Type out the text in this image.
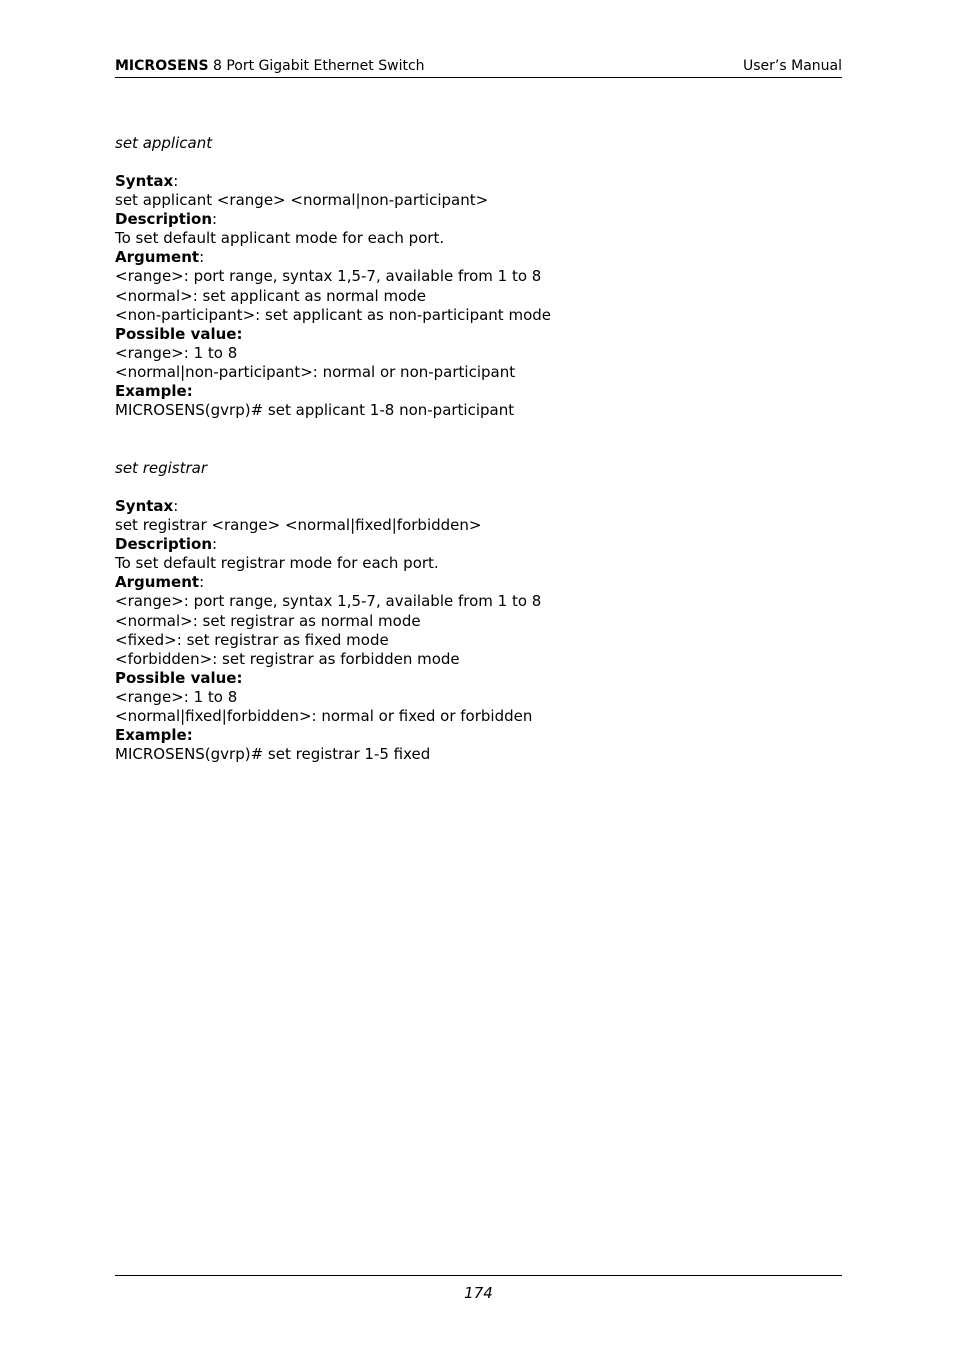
MICROSENS 8 Port Gigabit Ethernet Switch	User’s Manual
set applicant
Syntax:
set applicant <range> <normal|non-participant>
Description:
To set default applicant mode for each port.
Argument:
<range>: port range, syntax 1,5-7, available from 1 to 8
<normal>: set applicant as normal mode
<non-participant>: set applicant as non-participant mode
Possible value:
<range>: 1 to 8
<normal|non-participant>: normal or non-participant
Example:
MICROSENS(gvrp)# set applicant 1-8 non-participant
set registrar
Syntax:
set registrar <range> <normal|fixed|forbidden>
Description:
To set default registrar mode for each port.
Argument:
<range>: port range, syntax 1,5-7, available from 1 to 8
<normal>: set registrar as normal mode
<fixed>: set registrar as fixed mode
<forbidden>: set registrar as forbidden mode
Possible value:
<range>: 1 to 8
<normal|fixed|forbidden>: normal or fixed or forbidden
Example:
MICROSENS(gvrp)# set registrar 1-5 fixed
174
